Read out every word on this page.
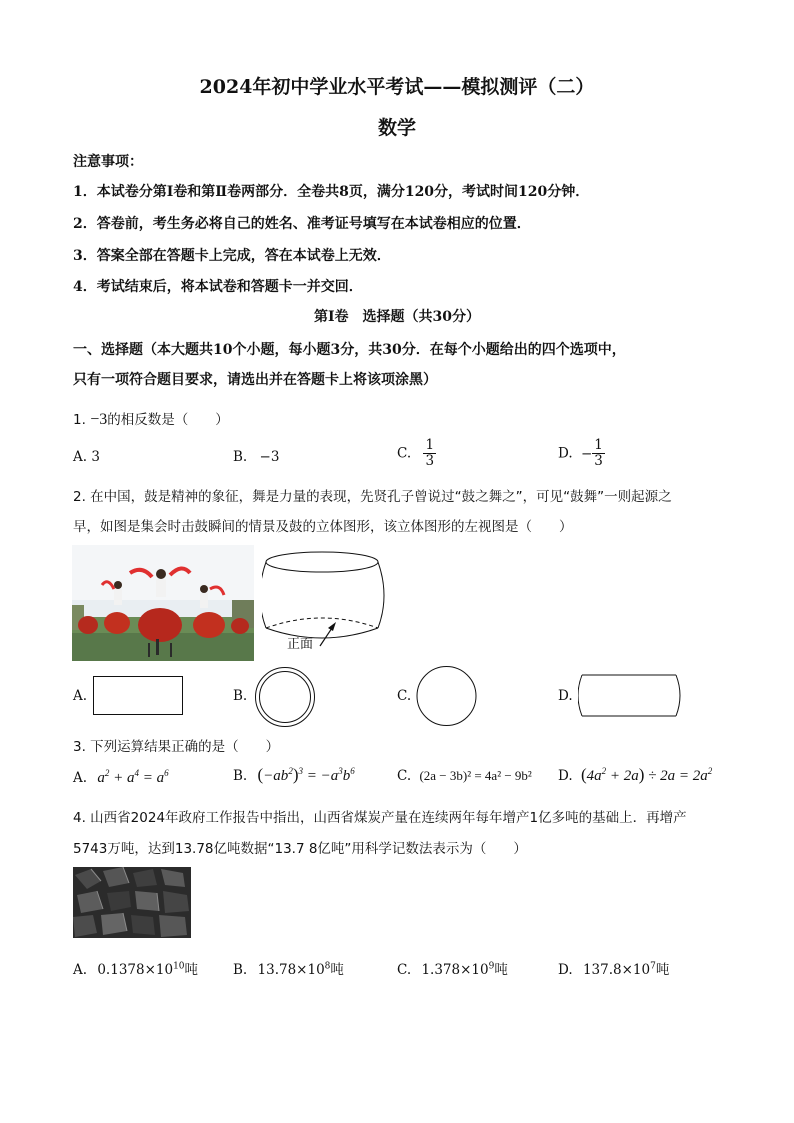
2024年初中学业水平考试——模拟测评（二）
数学
注意事项：
1．本试卷分第Ⅰ卷和第Ⅱ卷两部分．全卷共8页，满分120分，考试时间120分钟．
2．答卷前，考生务必将自己的姓名、准考证号填写在本试卷相应的位置．
3．答案全部在答题卡上完成，答在本试卷上无效．
4．考试结束后，将本试卷和答题卡一并交回．
第Ⅰ卷　选择题（共30分）
一、选择题（本大题共10个小题，每小题3分，共30分．在每个小题给出的四个选项中，
只有一项符合题目要求，请选出并在答题卡上将该项涂黑）
1. −3的相反数是（　　）
A. 3	B. −3	C. $\frac{1}{3}$	D. − $\frac{1}{3}$
2. 在中国，鼓是精神的象征，舞是力量的表现，先贤孔子曾说过“鼓之舞之”，可见“鼓舞”一则起源之
早，如图是集会时击鼓瞬间的情景及鼓的立体图形，该立体图形的左视图是（　　）
正面
A.	B.	C.	D.
3. 下列运算结果正确的是（　　）
A. $a^2 + a^4 = a^6$	B. $(-ab^2)^3 = -a^3b^6$	C. (2a − 3b)² = 4a² − 9b² D. $(4a^2 + 2a) \div 2a = 2a^2$
4. 山西省2024年政府工作报告中指出，山西省煤炭产量在连续两年每年增产1亿多吨的基础上．再增产
5743万吨，达到13.78亿吨数据“13.7 8亿吨”用科学记数法表示为（　　）
A. $0.1378\times 10^{10}$吨	B. $13.78\times 10^8$吨	C. $1.378\times 10^9$吨	D. $137.8\times 10^7$吨
